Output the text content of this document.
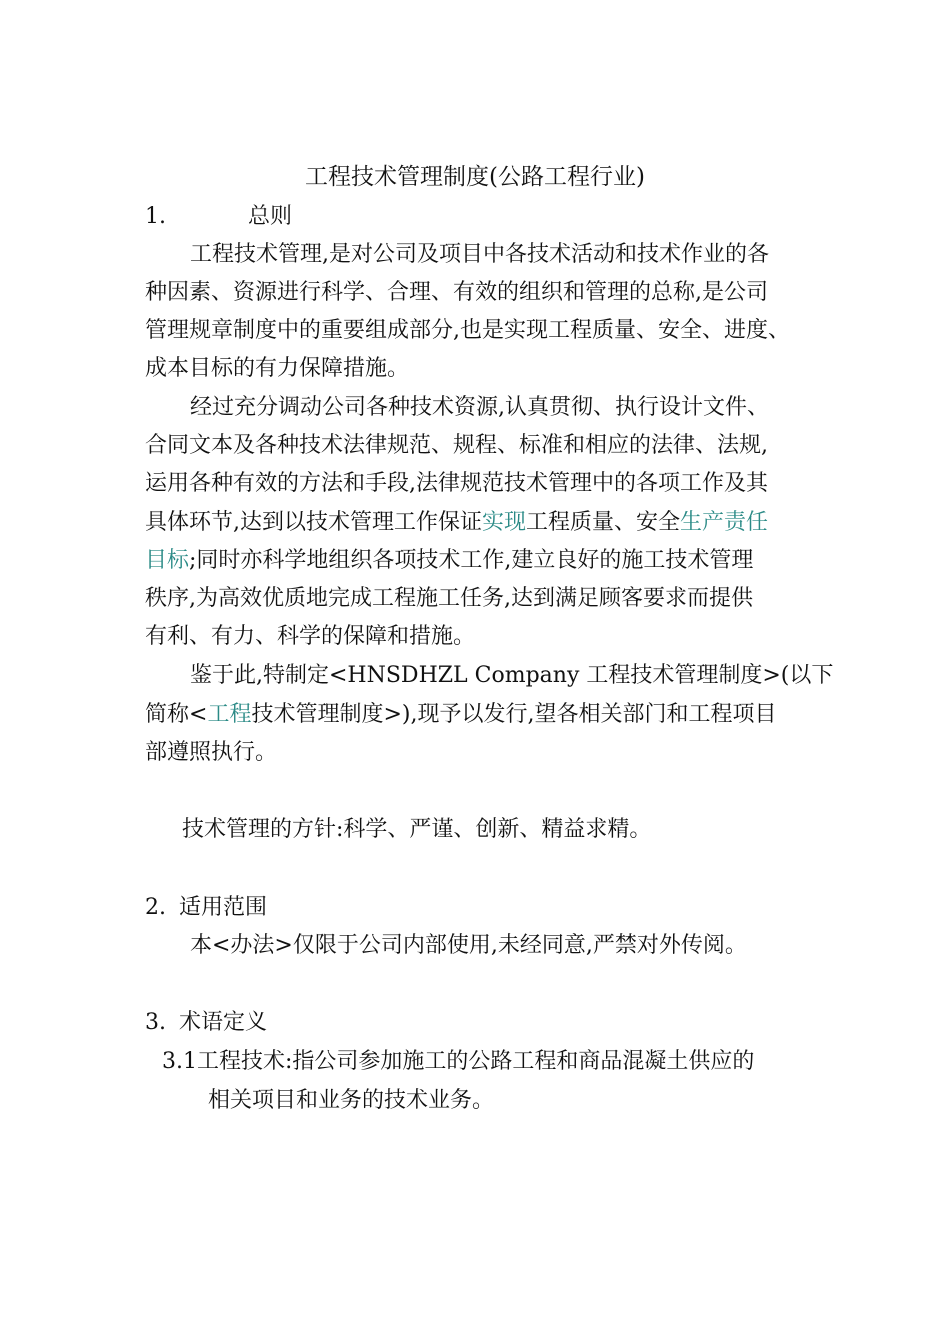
工程技术管理制度(公路工程行业)
1.	总则
工程技术管理,是对公司及项目中各技术活动和技术作业的各
种因素、资源进行科学、合理、有效的组织和管理的总称,是公司
管理规章制度中的重要组成部分,也是实现工程质量、安全、进度、
成本目标的有力保障措施。
经过充分调动公司各种技术资源,认真贯彻、执行设计文件、
合同文本及各种技术法律规范、规程、标准和相应的法律、法规,
运用各种有效的方法和手段,法律规范技术管理中的各项工作及其
具体环节,达到以技术管理工作保证实现工程质量、安全生产责任
目标;同时亦科学地组织各项技术工作,建立良好的施工技术管理
秩序,为高效优质地完成工程施工任务,达到满足顾客要求而提供
有利、有力、科学的保障和措施。
鉴于此,特制定<HNSDHZL Company 工程技术管理制度>(以下
简称<工程技术管理制度>),现予以发行,望各相关部门和工程项目
部遵照执行。
技术管理的方针:科学、严谨、创新、精益求精。
2. 适用范围
本<办法>仅限于公司内部使用,未经同意,严禁对外传阅。
3. 术语定义
3.1工程技术:指公司参加施工的公路工程和商品混凝土供应的
相关项目和业务的技术业务。
